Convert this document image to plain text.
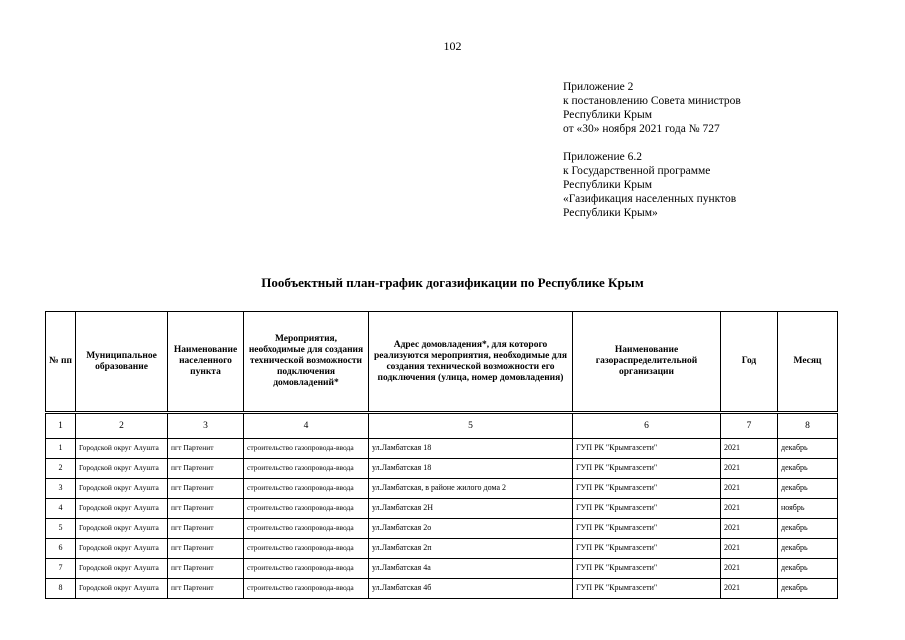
102
Приложение 2
к постановлению Совета министров
Республики Крым
от «30» ноября 2021 года № 727
Приложение 6.2
к Государственной программе
Республики Крым
«Газификация населенных пунктов
Республики Крым»
Пообъектный план-график догазификации по Республике Крым
№ пп	Муниципальное образование	Наименование населенного пункта	Мероприятия, необходимые для создания технической возможности подключения домовладений*	Адрес домовладения*, для которого реализуются мероприятия, необходимые для создания технической возможности его подключения (улица, номер домовладения)	Наименование газораспределительной организации	Год	Месяц
1	2	3	4	5	6	7	8
1	Городской округ Алушта	пгт Партенит	строительство газопровода-ввода	ул.Ламбатская 18	ГУП РК "Крымгазсети"	2021	декабрь
2	Городской округ Алушта	пгт Партенит	строительство газопровода-ввода	ул.Ламбатская 18	ГУП РК "Крымгазсети"	2021	декабрь
3	Городской округ Алушта	пгт Партенит	строительство газопровода-ввода	ул.Ламбатская, в районе жилого дома 2	ГУП РК "Крымгазсети"	2021	декабрь
4	Городской округ Алушта	пгт Партенит	строительство газопровода-ввода	ул.Ламбатская 2Н	ГУП РК "Крымгазсети"	2021	ноябрь
5	Городской округ Алушта	пгт Партенит	строительство газопровода-ввода	ул.Ламбатская 2о	ГУП РК "Крымгазсети"	2021	декабрь
6	Городской округ Алушта	пгт Партенит	строительство газопровода-ввода	ул.Ламбатская 2п	ГУП РК "Крымгазсети"	2021	декабрь
7	Городской округ Алушта	пгт Партенит	строительство газопровода-ввода	ул.Ламбатская 4а	ГУП РК "Крымгазсети"	2021	декабрь
8	Городской округ Алушта	пгт Партенит	строительство газопровода-ввода	ул.Ламбатская 4б	ГУП РК "Крымгазсети"	2021	декабрь
